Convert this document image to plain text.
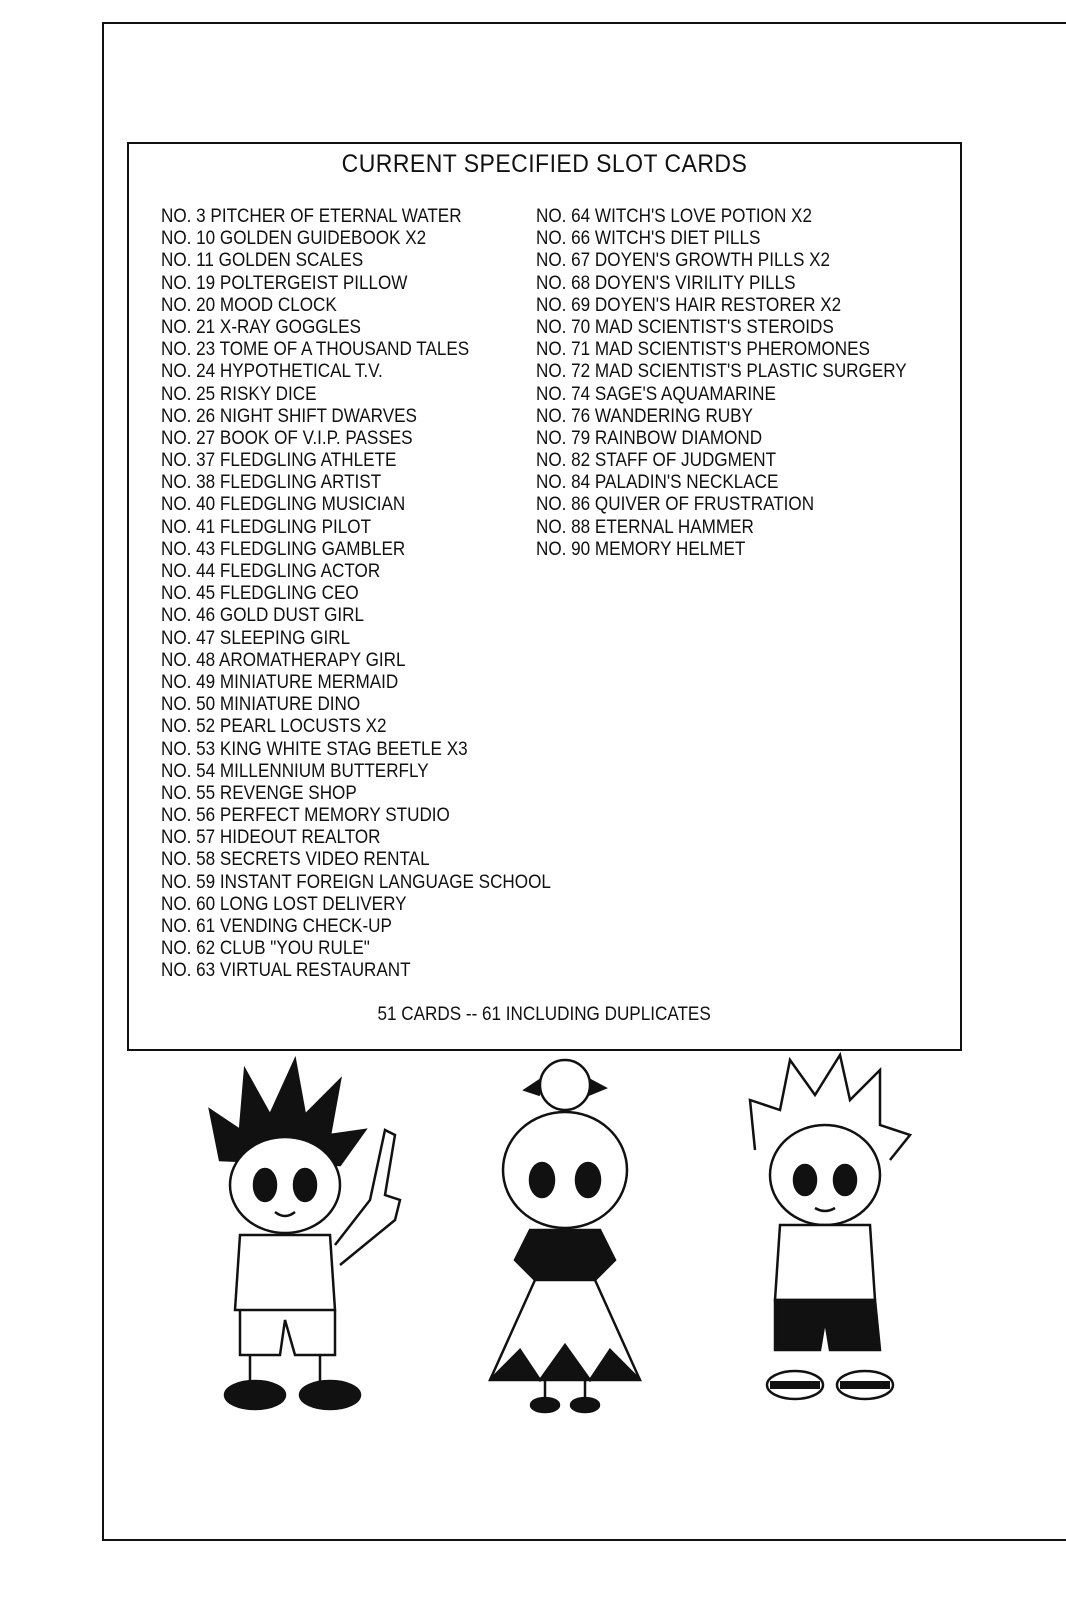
CURRENT SPECIFIED SLOT CARDS
NO. 3 PITCHER OF ETERNAL WATER
NO. 10 GOLDEN GUIDEBOOK X2
NO. 11 GOLDEN SCALES
NO. 19 POLTERGEIST PILLOW
NO. 20 MOOD CLOCK
NO. 21 X-RAY GOGGLES
NO. 23 TOME OF A THOUSAND TALES
NO. 24 HYPOTHETICAL T.V.
NO. 25 RISKY DICE
NO. 26 NIGHT SHIFT DWARVES
NO. 27 BOOK OF V.I.P. PASSES
NO. 37 FLEDGLING ATHLETE
NO. 38 FLEDGLING ARTIST
NO. 40 FLEDGLING MUSICIAN
NO. 41 FLEDGLING PILOT
NO. 43 FLEDGLING GAMBLER
NO. 44 FLEDGLING ACTOR
NO. 45 FLEDGLING CEO
NO. 46 GOLD DUST GIRL
NO. 47 SLEEPING GIRL
NO. 48 AROMATHERAPY GIRL
NO. 49 MINIATURE MERMAID
NO. 50 MINIATURE DINO
NO. 52 PEARL LOCUSTS X2
NO. 53 KING WHITE STAG BEETLE X3
NO. 54 MILLENNIUM BUTTERFLY
NO. 55 REVENGE SHOP
NO. 56 PERFECT MEMORY STUDIO
NO. 57 HIDEOUT REALTOR
NO. 58 SECRETS VIDEO RENTAL
NO. 59 INSTANT FOREIGN LANGUAGE SCHOOL
NO. 60 LONG LOST DELIVERY
NO. 61 VENDING CHECK-UP
NO. 62 CLUB "YOU RULE"
NO. 63 VIRTUAL RESTAURANT
NO. 64 WITCH'S LOVE POTION X2
NO. 66 WITCH'S DIET PILLS
NO. 67 DOYEN'S GROWTH PILLS X2
NO. 68 DOYEN'S VIRILITY PILLS
NO. 69 DOYEN'S HAIR RESTORER X2
NO. 70 MAD SCIENTIST'S STEROIDS
NO. 71 MAD SCIENTIST'S PHEROMONES
NO. 72 MAD SCIENTIST'S PLASTIC SURGERY
NO. 74 SAGE'S AQUAMARINE
NO. 76 WANDERING RUBY
NO. 79 RAINBOW DIAMOND
NO. 82 STAFF OF JUDGMENT
NO. 84 PALADIN'S NECKLACE
NO. 86 QUIVER OF FRUSTRATION
NO. 88 ETERNAL HAMMER
NO. 90 MEMORY HELMET
51 CARDS -- 61 INCLUDING DUPLICATES
